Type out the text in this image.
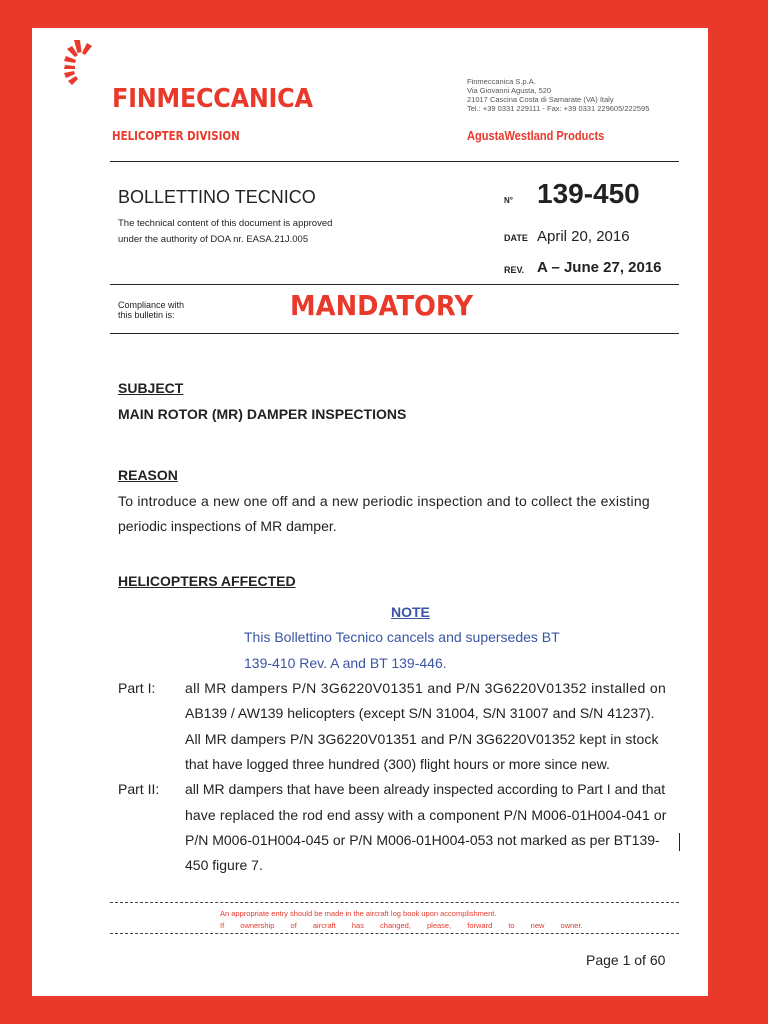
FINMECCANICA
HELICOPTER DIVISION
Finmeccanica S.p.A.
Via Giovanni Agusta, 520
21017 Cascina Costa di Samarate (VA) Italy
Tel.: +39 0331 229111 - Fax: +39 0331 229605/222595
AgustaWestland Products
BOLLETTINO TECNICO
The technical content of this document is approved
under the authority of DOA nr. EASA.21J.005
N° 139-450
DATE April 20, 2016
REV. A – June 27, 2016
Compliance with
this bulletin is:	MANDATORY
SUBJECT
MAIN ROTOR (MR) DAMPER INSPECTIONS
REASON
To introduce a new one off and a new periodic inspection and to collect the existing
periodic inspections of MR damper.
HELICOPTERS AFFECTED
NOTE
This Bollettino Tecnico cancels and supersedes BT
139-410 Rev. A and BT 139-446.
Part I: all MR dampers P/N 3G6220V01351 and P/N 3G6220V01352 installed on
AB139 / AW139 helicopters (except S/N 31004, S/N 31007 and S/N 41237).
All MR dampers P/N 3G6220V01351 and P/N 3G6220V01352 kept in stock
that have logged three hundred (300) flight hours or more since new.
Part II: all MR dampers that have been already inspected according to Part I and that
have replaced the rod end assy with a component P/N M006-01H004-041 or
P/N M006-01H004-045 or P/N M006-01H004-053 not marked as per BT139-
450 figure 7.
An appropriate entry should be made in the aircraft log book upon accomplishment.
If ownership of aircraft has changed, please, forward to new owner.
Page 1 of 60
